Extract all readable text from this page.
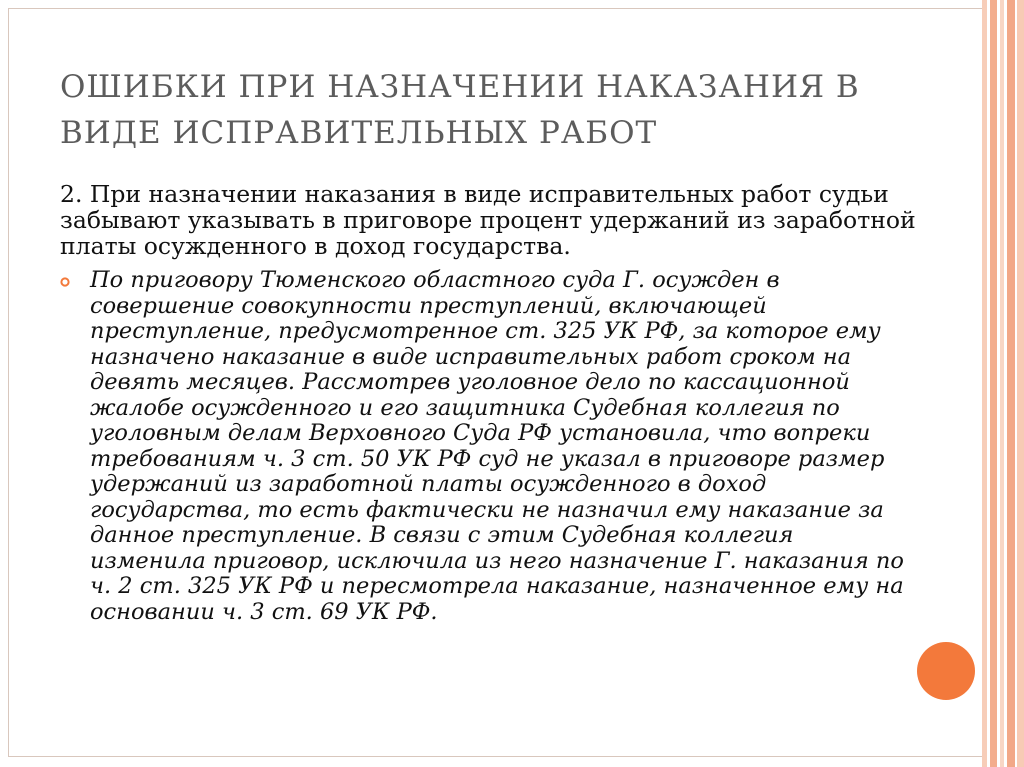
ОШИБКИ ПРИ НАЗНАЧЕНИИ НАКАЗАНИЯ В ВИДЕ ИСПРАВИТЕЛЬНЫХ РАБОТ

2. При назначении наказания в виде исправительных работ судьи забывают указывать в приговоре процент удержаний из заработной платы осужденного в доход государства.

По приговору Тюменского областного суда Г. осужден в совершение совокупности преступлений, включающей преступление, предусмотренное ст. 325 УК РФ, за которое ему назначено наказание в виде исправительных работ сроком на девять месяцев. Рассмотрев уголовное дело по кассационной жалобе осужденного и его защитника Судебная коллегия по уголовным делам Верховного Суда РФ установила, что вопреки требованиям ч. 3 ст. 50 УК РФ суд не указал в приговоре размер удержаний из заработной платы осужденного в доход государства, то есть фактически не назначил ему наказание за данное преступление. В связи с этим Судебная коллегия изменила приговор, исключила из него назначение Г. наказания по ч. 2 ст. 325 УК РФ и пересмотрела наказание, назначенное ему на основании ч. 3 ст. 69 УК РФ.
